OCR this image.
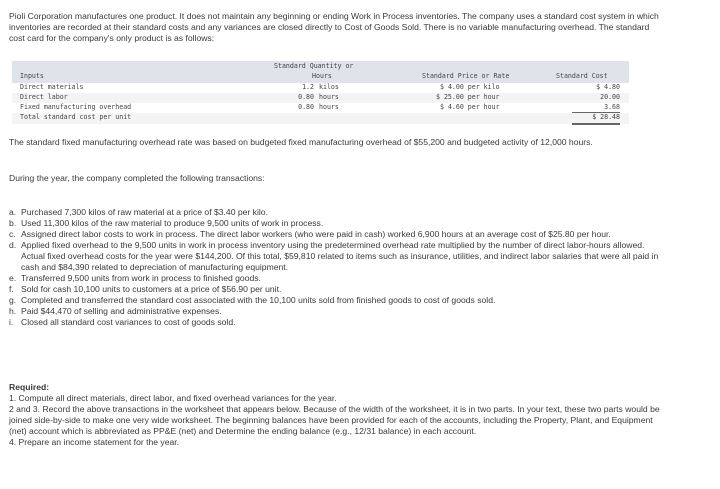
Pioli Corporation manufactures one product. It does not maintain any beginning or ending Work in Process inventories. The company uses a standard cost system in which inventories are recorded at their standard costs and any variances are closed directly to Cost of Goods Sold. There is no variable manufacturing overhead. The standard cost card for the company's only product is as follows:

Inputs
Standard Quantity or
Hours	Standard Price or Rate	Standard Cost
Direct materials	1.2 kilos	$ 4.00 per kilo	$ 4.80
Direct labor	0.80 hours	$ 25.00 per hour	20.00
Fixed manufacturing overhead	0.80 hours	$ 4.60 per hour	3.68
Total standard cost per unit	$ 28.48

The standard fixed manufacturing overhead rate was based on budgeted fixed manufacturing overhead of $55,200 and budgeted activity of 12,000 hours.

During the year, the company completed the following transactions:

a. Purchased 7,300 kilos of raw material at a price of $3.40 per kilo.
b. Used 11,300 kilos of the raw material to produce 9,500 units of work in process.
c. Assigned direct labor costs to work in process. The direct labor workers (who were paid in cash) worked 6,900 hours at an average cost of $25.80 per hour.
d. Applied fixed overhead to the 9,500 units in work in process inventory using the predetermined overhead rate multiplied by the number of direct labor-hours allowed. Actual fixed overhead costs for the year were $144,200. Of this total, $59,810 related to items such as insurance, utilities, and indirect labor salaries that were all paid in cash and $84,390 related to depreciation of manufacturing equipment.
e. Transferred 9,500 units from work in process to finished goods.
f. Sold for cash 10,100 units to customers at a price of $56.90 per unit.
g. Completed and transferred the standard cost associated with the 10,100 units sold from finished goods to cost of goods sold.
h. Paid $44,470 of selling and administrative expenses.
i. Closed all standard cost variances to cost of goods sold.

Required:

1. Compute all direct materials, direct labor, and fixed overhead variances for the year.

2 and 3. Record the above transactions in the worksheet that appears below. Because of the width of the worksheet, it is in two parts. In your text, these two parts would be joined side-by-side to make one very wide worksheet. The beginning balances have been provided for each of the accounts, including the Property, Plant, and Equipment (net) account which is abbreviated as PP&E (net) and Determine the ending balance (e.g., 12/31 balance) in each account.

4. Prepare an income statement for the year.
